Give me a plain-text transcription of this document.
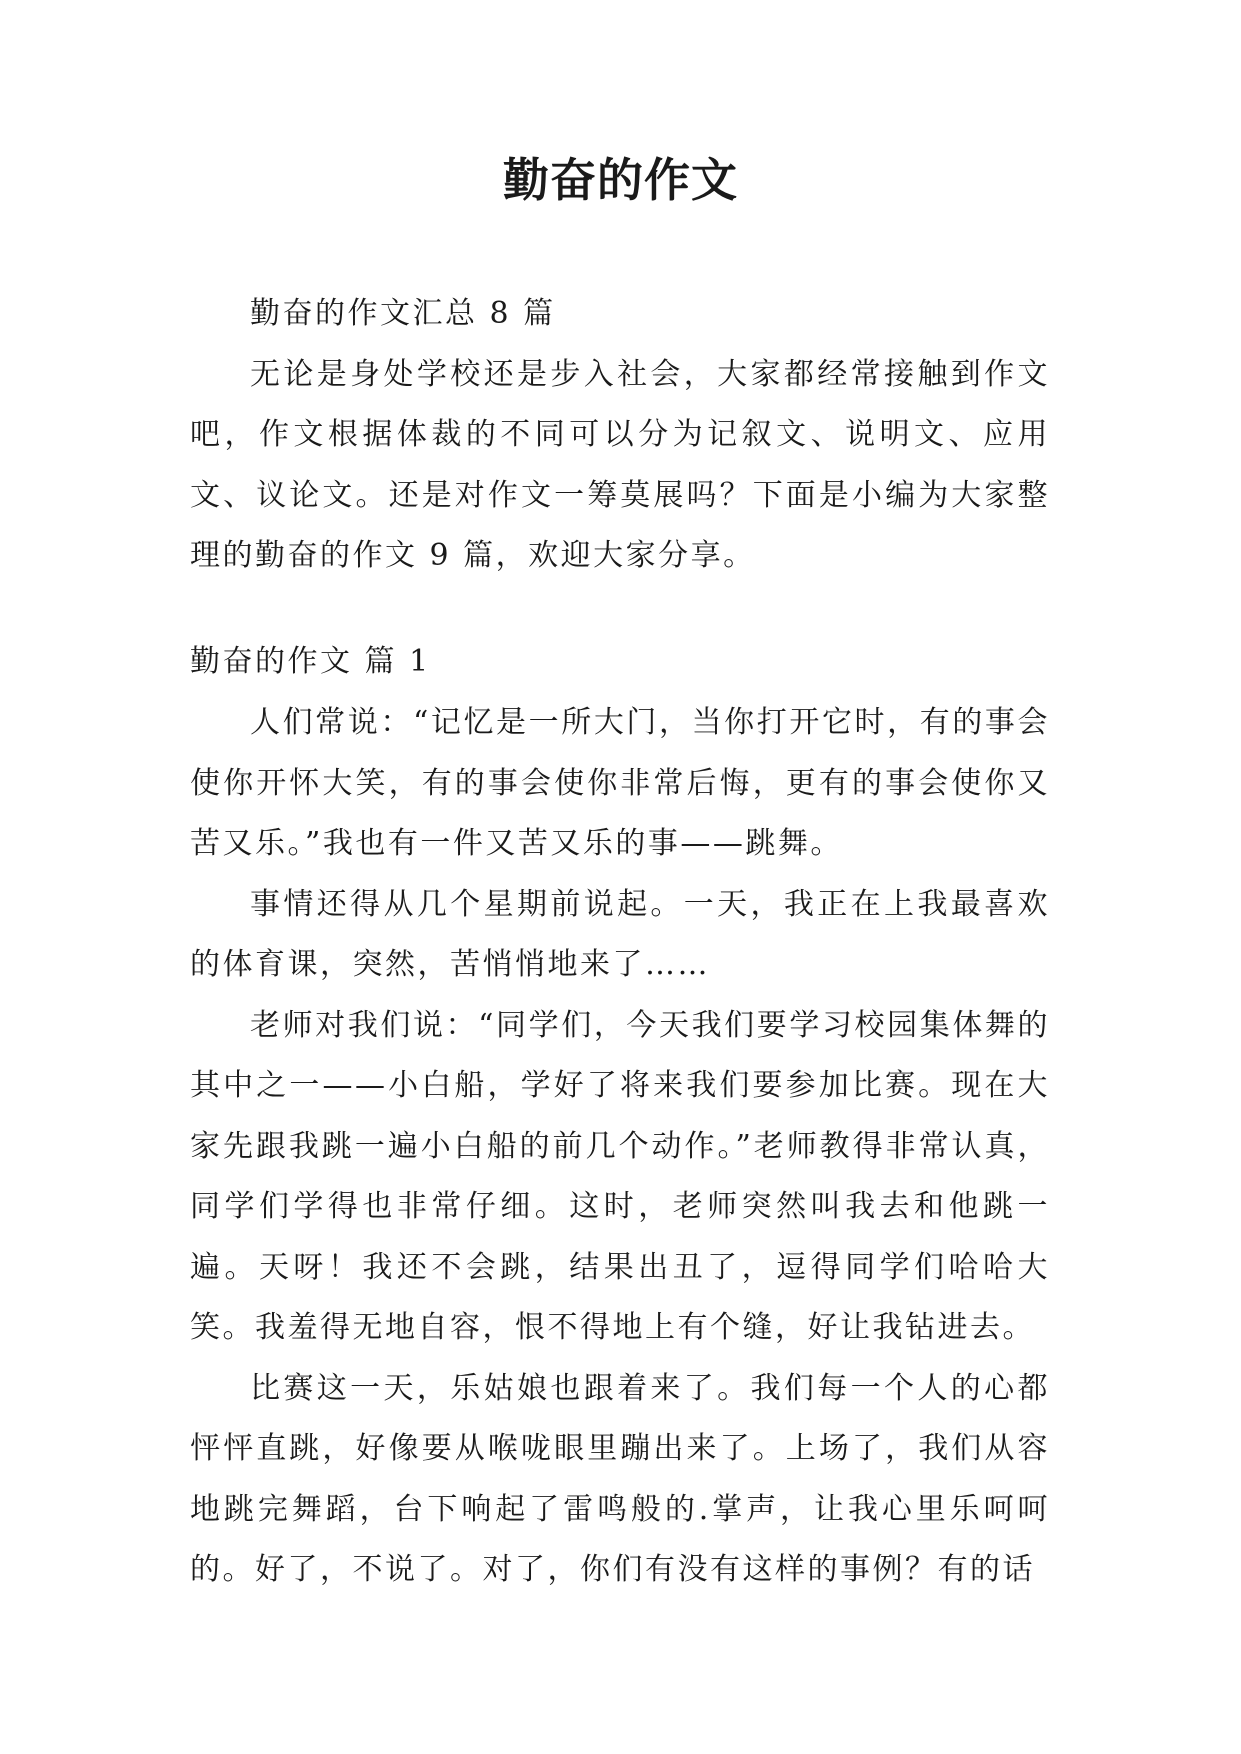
勤奋的作文

勤奋的作文汇总 8 篇

无论是身处学校还是步入社会，大家都经常接触到作文吧，作文根据体裁的不同可以分为记叙文、说明文、应用文、议论文。还是对作文一筹莫展吗？下面是小编为大家整理的勤奋的作文 9 篇，欢迎大家分享。

勤奋的作文 篇 1

人们常说：“记忆是一所大门，当你打开它时，有的事会使你开怀大笑，有的事会使你非常后悔，更有的事会使你又苦又乐。”我也有一件又苦又乐的事——跳舞。

事情还得从几个星期前说起。一天，我正在上我最喜欢的体育课，突然，苦悄悄地来了……

老师对我们说：“同学们，今天我们要学习校园集体舞的其中之一——小白船，学好了将来我们要参加比赛。现在大家先跟我跳一遍小白船的前几个动作。”老师教得非常认真，同学们学得也非常仔细。这时，老师突然叫我去和他跳一遍。天呀！我还不会跳，结果出丑了，逗得同学们哈哈大笑。我羞得无地自容，恨不得地上有个缝，好让我钻进去。

比赛这一天，乐姑娘也跟着来了。我们每一个人的心都怦怦直跳，好像要从喉咙眼里蹦出来了。上场了，我们从容地跳完舞蹈，台下响起了雷鸣般的.掌声，让我心里乐呵呵的。好了，不说了。对了，你们有没有这样的事例？有的话
